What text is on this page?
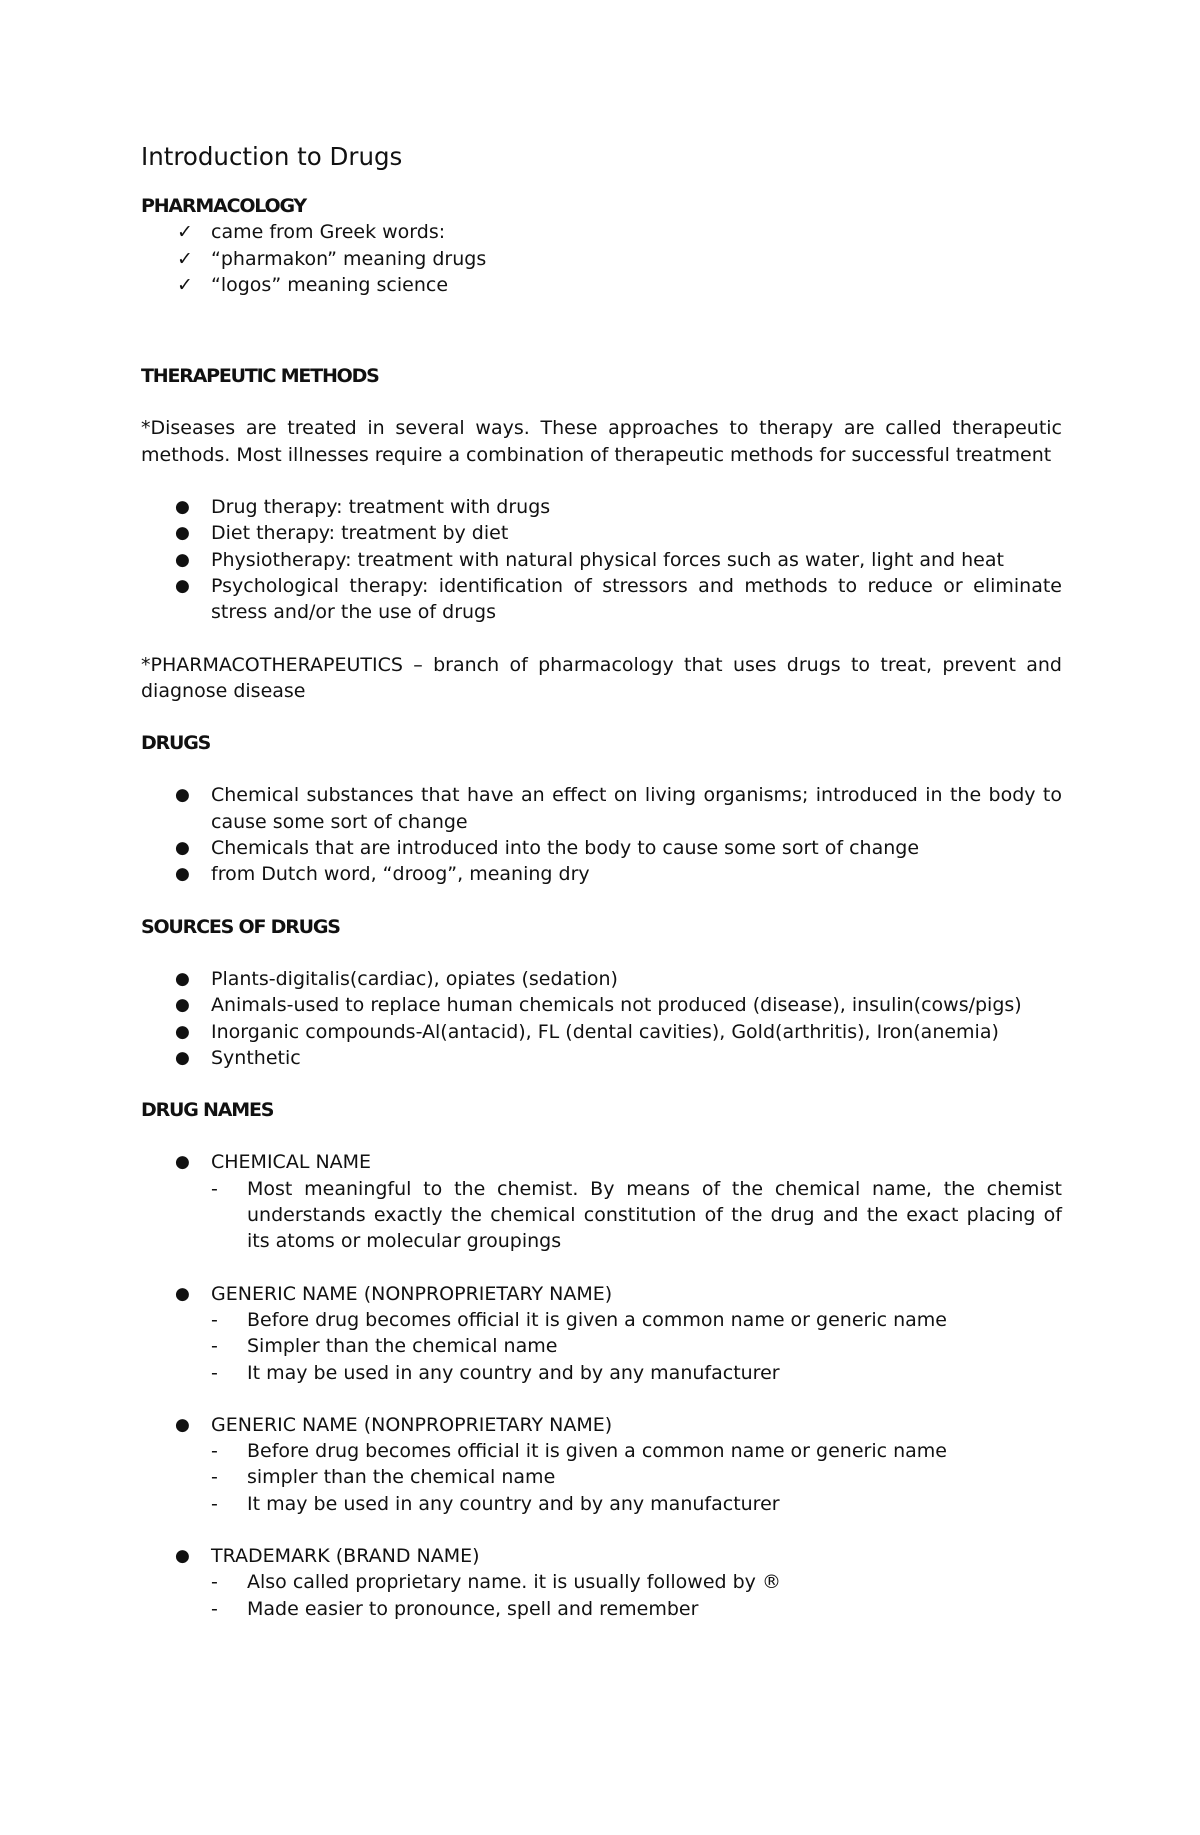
Introduction to Drugs
PHARMACOLOGY
✓ came from Greek words:
✓ “pharmakon” meaning drugs
✓ “logos” meaning science
THERAPEUTIC METHODS

*Diseases are treated in several ways. These approaches to therapy are called therapeutic methods. Most illnesses require a combination of therapeutic methods for successful treatment

● Drug therapy: treatment with drugs
● Diet therapy: treatment by diet
● Physiotherapy: treatment with natural physical forces such as water, light and heat
● Psychological therapy: identification of stressors and methods to reduce or eliminate stress and/or the use of drugs

*PHARMACOTHERAPEUTICS – branch of pharmacology that uses drugs to treat, prevent and diagnose disease

DRUGS
● Chemical substances that have an effect on living organisms; introduced in the body to cause some sort of change
● Chemicals that are introduced into the body to cause some sort of change
● from Dutch word, “droog”, meaning dry
SOURCES OF DRUGS
● Plants-digitalis(cardiac), opiates (sedation)
● Animals-used to replace human chemicals not produced (disease), insulin(cows/pigs)
● Inorganic compounds-Al(antacid), FL (dental cavities), Gold(arthritis), Iron(anemia)
● Synthetic
DRUG NAMES
● CHEMICAL NAME
- Most meaningful to the chemist. By means of the chemical name, the chemist understands exactly the chemical constitution of the drug and the exact placing of its atoms or molecular groupings
● GENERIC NAME (NONPROPRIETARY NAME)
- Before drug becomes official it is given a common name or generic name
- Simpler than the chemical name
- It may be used in any country and by any manufacturer
● GENERIC NAME (NONPROPRIETARY NAME)
- Before drug becomes official it is given a common name or generic name
- simpler than the chemical name
- It may be used in any country and by any manufacturer
● TRADEMARK (BRAND NAME)
- Also called proprietary name. it is usually followed by ®
- Made easier to pronounce, spell and remember
